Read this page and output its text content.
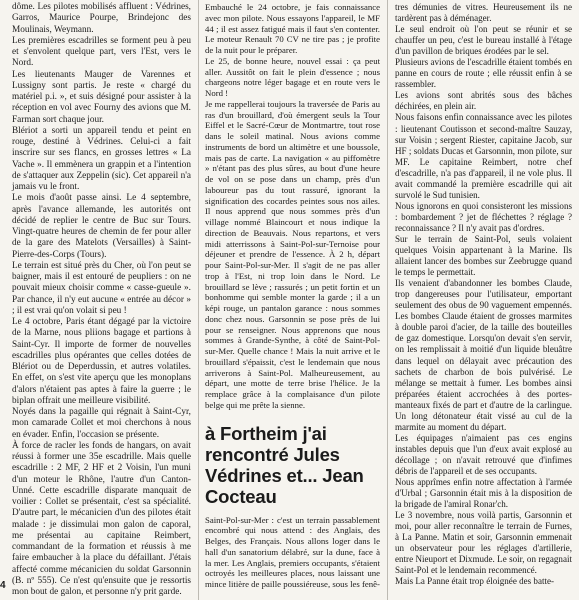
dôme. Les pilotes mobilisés affluent : Védrines, Garros, Maurice Pourpe, Brindejonc des Moulinais, Weymann.

Les premières escadrilles se forment peu à peu et s'envolent quelque part, vers l'Est, vers le Nord.

Les lieutenants Mauger de Varennes et Lussigny sont partis. Je reste « chargé du matériel p.i. », et suis désigné pour assister à la réception en vol avec Fourny des avions que M. Farman sort chaque jour.

Blériot a sorti un appareil tendu et peint en rouge, destiné à Védrines. Celui-ci a fait inscrire sur ses flancs, en grosses lettres « La Vache ». Il emmènera un grappin et a l'intention de s'attaquer aux Zeppelin (sic). Cet appareil n'a jamais vu le front.

Le mois d'août passe ainsi. Le 4 septembre, après l'avance allemande, les autorités ont décidé de replier le centre de Buc sur Tours. Vingt-quatre heures de chemin de fer pour aller de la gare des Matelots (Versailles) à Saint-Pierre-des-Corps (Tours).

Le terrain est situé près du Cher, où l'on peut se baigner, mais il est entouré de peupliers : on ne pouvait mieux choisir comme « casse-gueule ». Par chance, il n'y eut aucune « entrée au décor » ; il est vrai qu'on volait si peu !

Le 4 octobre, Paris étant dégagé par la victoire de la Marne, nous pliions bagage et partions à Saint-Cyr. Il importe de former de nouvelles escadrilles plus opérantes que celles dotées de Blériot ou de Deperdussin, et autres volatiles. En effet, on s'est vite aperçu que les monoplans d'alors n'étaient pas aptes à faire la guerre ; le biplan offrait une meilleure visibilité.

Noyés dans la pagaille qui régnait à Saint-Cyr, mon camarade Collet et moi cherchons à nous en évader. Enfin, l'occasion se présente.

À force de racler les fonds de hangars, on avait réussi à former une 35e escadrille. Mais quelle escadrille : 2 MF, 2 HF et 2 Voisin, l'un muni d'un moteur le Rhône, l'autre d'un Canton-Unné. Cette escadrille disparate manquait de voilier : Collet se présentait, c'est sa spécialité. D'autre part, le mécanicien d'un des pilotes était malade : je dissimulai mon galon de caporal, me présentai au capitaine Reimbert, commandant de la formation et réussis à me faire embaucher à la place du défaillant. J'étais affecté comme mécanicien du soldat Garsonnin (B. nº 555). Ce n'est qu'ensuite que je ressortis mon bout de galon, et personne n'y prit garde.

Embauché le 24 octobre, je fais connaissance avec mon pilote. Nous essayons l'appareil, le MF 44 ; il est assez fatigué mais il faut s'en contenter. Le moteur Renault 70 CV ne tire pas ; je profite de la nuit pour le préparer.

Le 25, de bonne heure, nouvel essai : ça peut aller. Aussitôt on fait le plein d'essence ; nous chargeons notre léger bagage et en route vers le Nord !

Je me rappellerai toujours la traversée de Paris au ras d'un brouillard, d'où émergent seuls la Tour Eiffel et le Sacré-Cœur de Montmartre, tout rose dans le soleil matinal. Nous avions comme instruments de bord un altimètre et une boussole, mais pas de carte. La navigation « au piffomètre » n'étant pas des plus sûres, au bout d'une heure de vol on se pose dans un champ, près d'un laboureur pas du tout rassuré, ignorant la signification des cocardes peintes sous nos ailes. Il nous apprend que nous sommes près d'un village nommé Blaincourt et nous indique la direction de Beauvais. Nous repartons, et vers midi atterrissons à Saint-Pol-sur-Ternoise pour déjeuner et prendre de l'essence. À 2 h, départ pour Saint-Pol-sur-Mer. Il s'agit de ne pas aller trop à l'Est, ni trop loin dans le Nord. Le brouillard se lève ; rassurés ; un petit fortin et un bonhomme qui semble monter la garde ; il a un képi rouge, un pantalon garance : nous sommes donc chez nous. Garsonnin se pose près de lui pour se renseigner. Nous apprenons que nous sommes à Grande-Synthe, à côté de Saint-Pol-sur-Mer. Quelle chance ! Mais la nuit arrive et le brouillard s'épaissit, c'est le lendemain que nous arriverons à Saint-Pol. Malheureusement, au départ, une motte de terre brise l'hélice. Je la remplace grâce à la complaisance d'un pilote belge qui me prête la sienne.

à Fortheim j'ai rencontré Jules Védrines et... Jean Cocteau

Saint-Pol-sur-Mer : c'est un terrain passablement encombré qui nous attend : des Anglais, des Belges, des Français. Nous allons loger dans le hall d'un sanatorium délabré, sur la dune, face à la mer. Les Anglais, premiers occupants, s'étaient octroyés les meilleures places, nous laissant une mince litière de paille poussiéreuse, sous les fenê-

tres démunies de vitres. Heureusement ils ne tardèrent pas à déménager.

Le seul endroit où l'on peut se réunir et se chauffer un peu, c'est le bureau installé à l'étage d'un pavillon de briques érodées par le sel.

Plusieurs avions de l'escadrille étaient tombés en panne en cours de route ; elle réussit enfin à se rassembler.

Les avions sont abrités sous des bâches déchirées, en plein air.

Nous faisons enfin connaissance avec les pilotes : lieutenant Coutisson et second-maître Sauzay, sur Voisin ; sergent Riester, capitaine Jacob, sur HF ; soldats Ducas et Garsonnin, mon pilote, sur MF. Le capitaine Reimbert, notre chef d'escadrille, n'a pas d'appareil, il ne vole plus. Il avait commandé la première escadrille qui ait survolé le Sud tunisien.

Nous ignorons en quoi consisteront les missions : bombardement ? jet de fléchettes ? réglage ? reconnaissance ? Il n'y avait pas d'ordres.

Sur le terrain de Saint-Pol, seuls volaient quelques Voisin appartenant à la Marine. Ils allaient lancer des bombes sur Zeebrugge quand le temps le permettait.

Ils venaient d'abandonner les bombes Claude, trop dangereuses pour l'utilisateur, emportant seulement des obus de 90 vaguement empennés. Les bombes Claude étaient de grosses marmites à double paroi d'acier, de la taille des bouteilles de gaz domestique. Lorsqu'on devait s'en servir, on les remplissait à moitié d'un liquide bleuâtre dans lequel on délayait avec précaution des sachets de charbon de bois pulvérisé. Le mélange se mettait à fumer. Les bombes ainsi préparées étaient accrochées à des portes-manteaux fixés de part et d'autre de la carlingue. Un long détonateur était vissé au cul de la marmite au moment du départ.

Les équipages n'aimaient pas ces engins instables depuis que l'un d'eux avait explosé au décollage ; on n'avait retrouvé que d'infimes débris de l'appareil et de ses occupants.

Nous apprîmes enfin notre affectation à l'armée d'Urbal ; Garsonnin était mis à la disposition de la brigade de l'amiral Ronar'ch.

Le 3 novembre, nous voilà partis, Garsonnin et moi, pour aller reconnaître le terrain de Furnes, à La Panne. Matin et soir, Garsonnin emmenait un observateur pour les réglages d'artillerie, entre Nieuport et Dixmude. Le soir, on regagnait Saint-Pol et le lendemain recommencé.

Mais La Panne était trop éloignée des batte-

4
